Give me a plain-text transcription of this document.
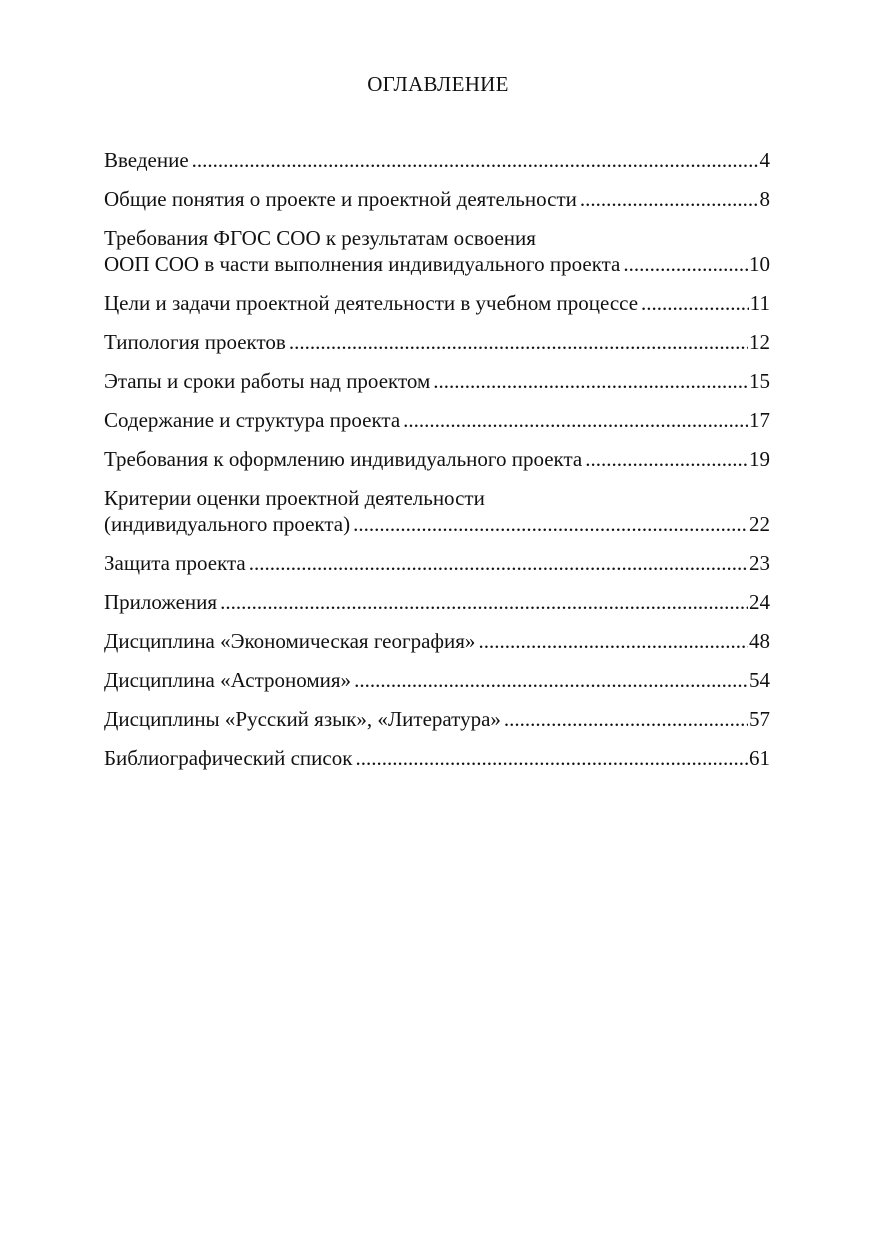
ОГЛАВЛЕНИЕ
Введение .....	4
Общие понятия о проекте и проектной деятельности .....	8
Требования ФГОС СОО к результатам освоения
ООП СОО в части выполнения индивидуального проекта .....	10
Цели и задачи проектной деятельности в учебном процессе .....	11
Типология проектов .....	12
Этапы и сроки работы над проектом .....	15
Содержание и структура проекта .....	17
Требования к оформлению индивидуального проекта .....	19
Критерии оценки проектной деятельности
(индивидуального проекта) .....	22
Защита проекта .....	23
Приложения .....	24
Дисциплина «Экономическая география» .....	48
Дисциплина «Астрономия» .....	54
Дисциплины «Русский язык», «Литература» .....	57
Библиографический список .....	61
